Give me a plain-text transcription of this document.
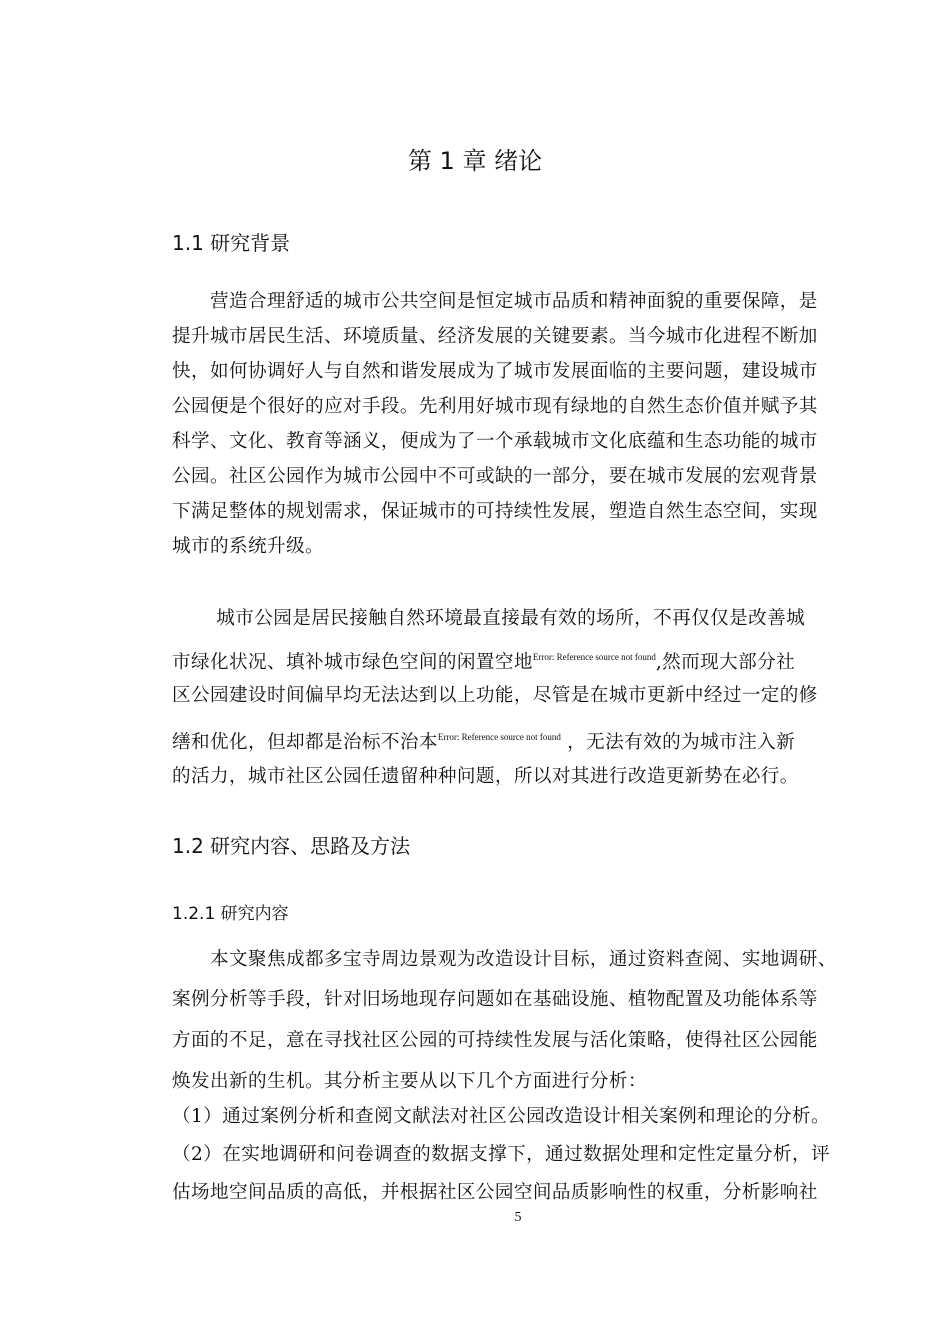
第 1 章 绪论
1.1 研究背景
　　营造合理舒适的城市公共空间是恒定城市品质和精神面貌的重要保障，是
提升城市居民生活、环境质量、经济发展的关键要素。当今城市化进程不断加
快，如何协调好人与自然和谐发展成为了城市发展面临的主要问题，建设城市
公园便是个很好的应对手段。先利用好城市现有绿地的自然生态价值并赋予其
科学、文化、教育等涵义，便成为了一个承载城市文化底蕴和生态功能的城市
公园。社区公园作为城市公园中不可或缺的一部分，要在城市发展的宏观背景
下满足整体的规划需求，保证城市的可持续性发展，塑造自然生态空间，实现
城市的系统升级。
　　 城市公园是居民接触自然环境最直接最有效的场所，不再仅仅是改善城
市绿化状况、填补城市绿色空间的闲置空地$^{Error: Reference source not found}$,然而现大部分社
区公园建设时间偏早均无法达到以上功能，尽管是在城市更新中经过一定的修
缮和优化，但却都是治标不治本$^{Error: Reference source not found}$ ，无法有效的为城市注入新
的活力，城市社区公园任遗留种种问题，所以对其进行改造更新势在必行。
1.2 研究内容、思路及方法
1.2.1 研究内容
　　本文聚焦成都多宝寺周边景观为改造设计目标，通过资料查阅、实地调研、
案例分析等手段，针对旧场地现存问题如在基础设施、植物配置及功能体系等
方面的不足，意在寻找社区公园的可持续性发展与活化策略，使得社区公园能
焕发出新的生机。其分析主要从以下几个方面进行分析：
（1）通过案例分析和查阅文献法对社区公园改造设计相关案例和理论的分析。
（2）在实地调研和问卷调查的数据支撑下，通过数据处理和定性定量分析，评
估场地空间品质的高低，并根据社区公园空间品质影响性的权重，分析影响社
5
